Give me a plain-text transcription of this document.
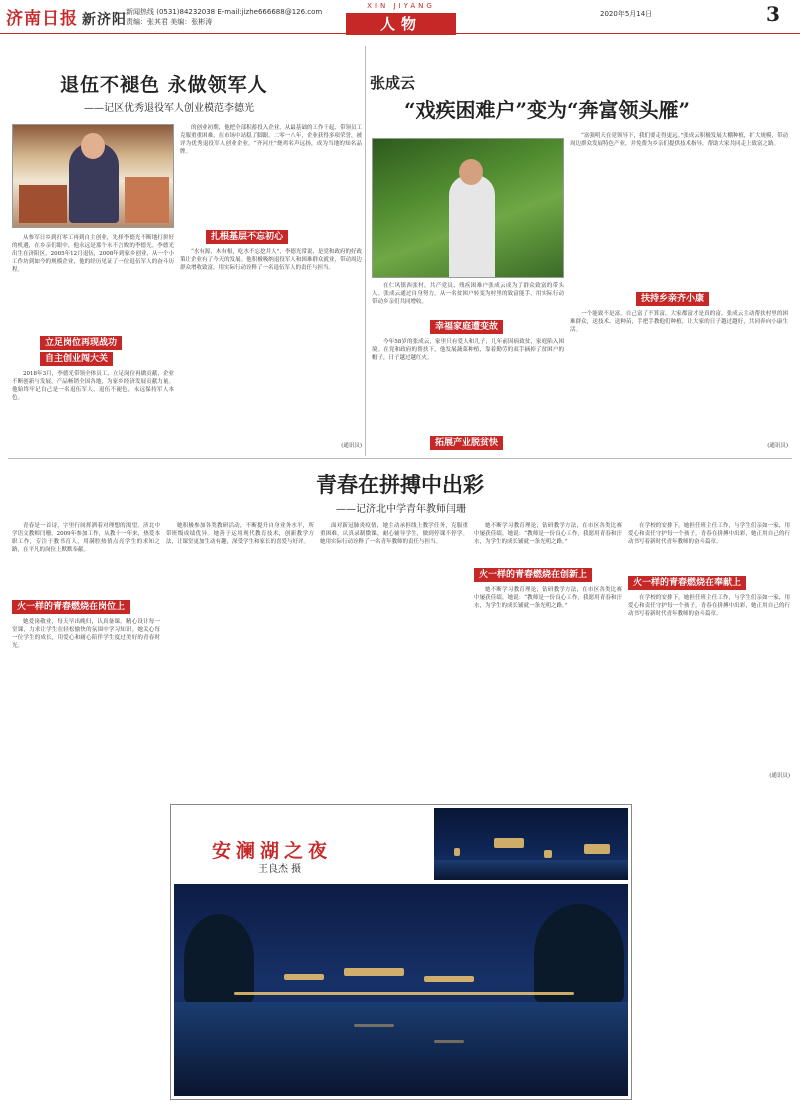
济南日报 新济阳 新闻热线 (0531)84232038 E-mail:jizhe666688@126.com
责编：张其君 美编：张彬涛
XIN JIYANG
人物
2020年5月14日	3
退伍不褪色 永做领军人
——记区优秀退役军人创业模范李德光

的创业初期，他把全部积蓄投入企业，从最基础的工作干起，带领员工克服重重困难，在市场中站稳了脚跟。二零一八年，企业获得多项荣誉，被评为优秀退役军人创业企业。“齐河庄”烧鸡名声远扬，成为当地的知名品牌。

从参军日乡到打零工再到自主创业，先择李德光不断地打拼好的机遇，在乡亲们眼中，他永远是那个永不言败的李德光。李德光出生在济阳区，2005年12月退伍，2008年到家乡创业，从一个小工作坊到如今的规模企业，他的经历见证了一位退伍军人的奋斗历程。

立足岗位再现战功
自主创业闯大关

2018年3月，李德光带领全体员工，立足岗位再做贡献，企业不断创新与发展，产品畅销全国各地，为家乡经济发展贡献力量。他始终牢记自己是一名退伍军人，退伍不褪色，永远保持军人本色。

扎根基层不忘初心

“水有源，木有根，吃水不忘挖井人”，李德光常说，是党和政府的好政策让企业有了今天的发展。他积极吸纳退役军人和困难群众就业，带动周边群众增收致富，用实际行动诠释了一名退伍军人的责任与担当。

(通讯员)
张成云
“戏疾困难户”变为“奔富领头雁”

“富强明天在党领导下，我们要走得更远。”张成云积极发展大棚种植，扩大规模，带动周边群众发展特色产业，并免费为乡亲们提供技术指导，帮助大家共同走上致富之路。

在仁风镇西张村，共产党员、残疾困难户张成云成为了群众致富的带头人。张成云通过自身努力，从一名贫困户转变为村里的致富能手，用实际行动带动乡亲们共同增收。

幸福家庭遭变故

今年58岁的张成云，家里只有爱人和儿子，几年前因病致贫，家庭陷入困境。在党和政府的帮扶下，他发展蔬菜种植，靠着勤劳的双手摘掉了贫困户的帽子，日子越过越红火。

拓展产业脱贫快
扶持乡亲齐小康

一个能致不是富，自己富了不算富，大家都富才是真的富。张成云主动帮扶村里的困难群众，送技术、送种苗，手把手教他们种植，让大家的日子越过越好，共同奔向小康生活。

(通讯员)
青春在拼搏中出彩
——记济北中学青年教师闫珊

青春是一首诗，字里行间挥洒着对理想的渴望。济北中学语文教师闫珊，2009年参加工作，从教十一年来，热爱本职工作，专注于教书育人，用满腔热情点亮学生的求知之路，在平凡的岗位上默默奉献。

火一样的青春燃烧在岗位上

她爱岗敬业，每天早出晚归，认真备课，精心设计每一堂课，力求让学生在轻松愉快的氛围中学习知识。她关心每一位学生的成长，用爱心和耐心陪伴学生度过美好的青春时光。

她积极参加各类教研活动，不断提升自身业务水平，所带班级成绩优异。她善于运用现代教育技术，创新教学方法，让课堂更加生动有趣，深受学生和家长的喜爱与好评。

面对新冠肺炎疫情，她主动承担线上教学任务，克服重重困难，认真录制微课，耐心辅导学生，做到停课不停学。她用实际行动诠释了一名青年教师的责任与担当。

她不断学习教育理论，钻研教学方法，在市区各类比赛中屡获佳绩。她说：“教师是一份良心工作，我愿用青春和汗水，为学生的成长铺就一条光明之路。”

火一样的青春燃烧在创新上

她不断学习教育理论，钻研教学方法，在市区各类比赛中屡获佳绩。她说：“教师是一份良心工作，我愿用青春和汗水，为学生的成长铺就一条光明之路。”

在学校的安排下，她担任班主任工作，与学生们亲如一家，用爱心和责任守护每一个孩子。青春在拼搏中出彩，她正用自己的行动书写着新时代青年教师的奋斗篇章。

火一样的青春燃烧在奉献上

在学校的安排下，她担任班主任工作，与学生们亲如一家，用爱心和责任守护每一个孩子。青春在拼搏中出彩，她正用自己的行动书写着新时代青年教师的奋斗篇章。

(通讯员)
安澜湖之夜
王良杰 摄
